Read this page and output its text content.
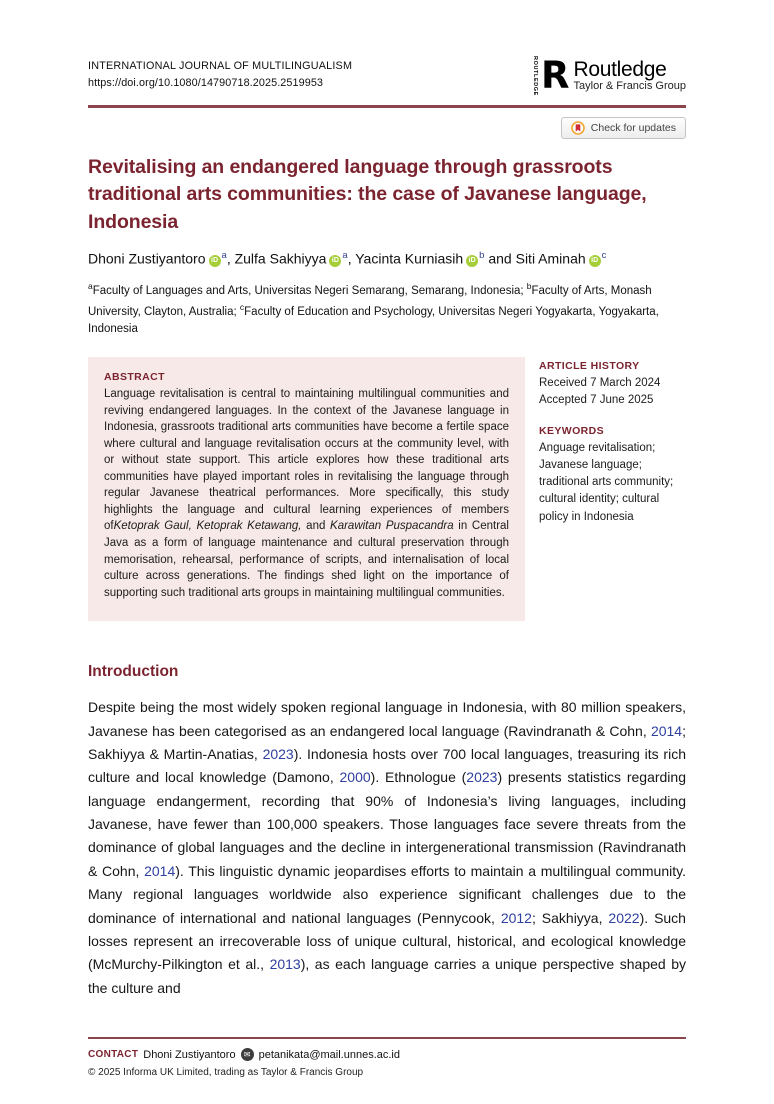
INTERNATIONAL JOURNAL OF MULTILINGUALISM
https://doi.org/10.1080/14790718.2025.2519953	ROUTLEDGE R Routledge
Taylor & Francis Group
Check for updates
Revitalising an endangered language through grassroots traditional arts communities: the case of Javanese language, Indonesia
Dhoni Zustiyantoro $iD^a$, Zulfa Sakhiyya $iD^a$, Yacinta Kurniasih $iD^b$ and Siti Aminah $iD^c$
$^a$Faculty of Languages and Arts, Universitas Negeri Semarang, Semarang, Indonesia; $^b$Faculty of Arts, Monash University, Clayton, Australia; $^c$Faculty of Education and Psychology, Universitas Negeri Yogyakarta, Yogyakarta, Indonesia
ABSTRACT
Language revitalisation is central to maintaining multilingual communities and reviving endangered languages. In the context of the Javanese language in Indonesia, grassroots traditional arts communities have become a fertile space where cultural and language revitalisation occurs at the community level, with or without state support. This article explores how these traditional arts communities have played important roles in revitalising the language through regular Javanese theatrical performances. More specifically, this study highlights the language and cultural learning experiences of members ofKetoprak Gaul, Ketoprak Ketawang, and Karawitan Puspacandra in Central Java as a form of language maintenance and cultural preservation through memorisation, rehearsal, performance of scripts, and internalisation of local culture across generations. The findings shed light on the importance of supporting such traditional arts groups in maintaining multilingual communities.
ARTICLE HISTORY
Received 7 March 2024
Accepted 7 June 2025
KEYWORDS
Anguage revitalisation; Javanese language; traditional arts community; cultural identity; cultural policy in Indonesia
Introduction

Despite being the most widely spoken regional language in Indonesia, with 80 million speakers, Javanese has been categorised as an endangered local language (Ravindranath & Cohn, 2014; Sakhiyya & Martin-Anatias, 2023). Indonesia hosts over 700 local languages, treasuring its rich culture and local knowledge (Damono, 2000). Ethnologue (2023) presents statistics regarding language endangerment, recording that 90% of Indonesia’s living languages, including Javanese, have fewer than 100,000 speakers. Those languages face severe threats from the dominance of global languages and the decline in intergenerational transmission (Ravindranath & Cohn, 2014). This linguistic dynamic jeopardises efforts to maintain a multilingual community. Many regional languages worldwide also experience significant challenges due to the dominance of international and national languages (Pennycook, 2012; Sakhiyya, 2022). Such losses represent an irrecoverable loss of unique cultural, historical, and ecological knowledge (McMurchy-Pilkington et al., 2013), as each language carries a unique perspective shaped by the culture and

CONTACT Dhoni Zustiyantoro	✉ petanikata@mail.unnes.ac.id
© 2025 Informa UK Limited, trading as Taylor & Francis Group
